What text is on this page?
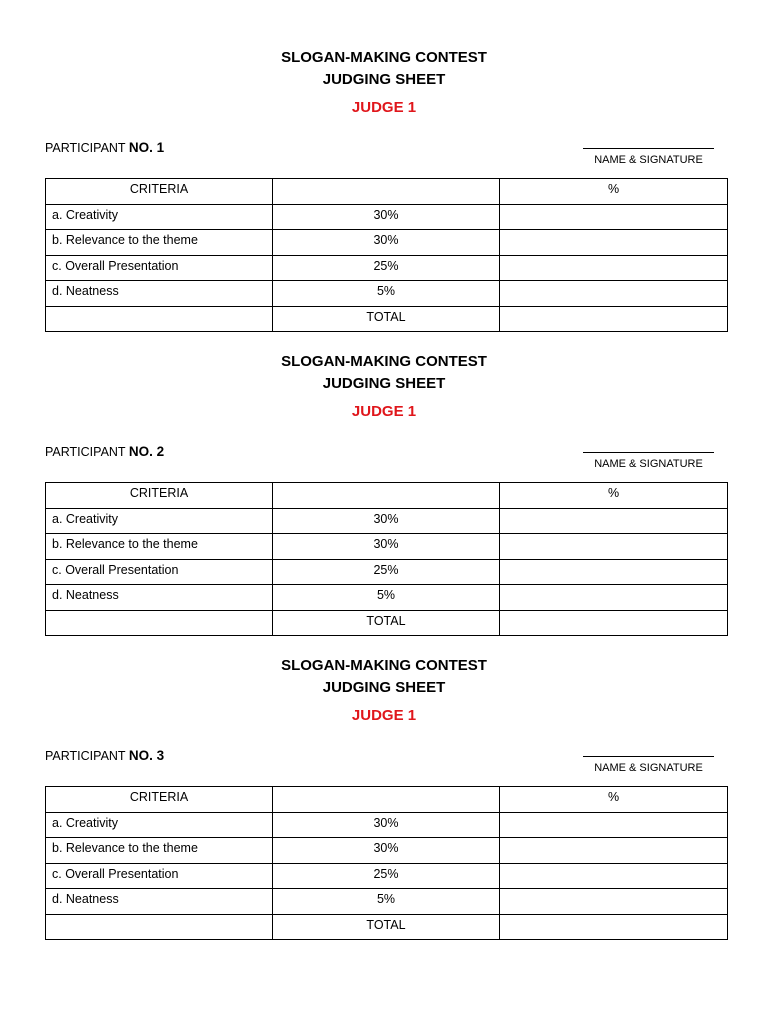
SLOGAN-MAKING CONTEST
JUDGING SHEET
JUDGE 1
PARTICIPANT NO. 1
NAME & SIGNATURE
CRITERIA		%
a. Creativity	30%	
b. Relevance to the theme	30%	
c. Overall Presentation	25%	
d. Neatness	5%	
	TOTAL	
SLOGAN-MAKING CONTEST
JUDGING SHEET
JUDGE 1
PARTICIPANT NO. 2
NAME & SIGNATURE
CRITERIA		%
a. Creativity	30%	
b. Relevance to the theme	30%	
c. Overall Presentation	25%	
d. Neatness	5%	
	TOTAL	
SLOGAN-MAKING CONTEST
JUDGING SHEET
JUDGE 1
PARTICIPANT NO. 3
NAME & SIGNATURE
CRITERIA		%
a. Creativity	30%	
b. Relevance to the theme	30%	
c. Overall Presentation	25%	
d. Neatness	5%	
	TOTAL	
